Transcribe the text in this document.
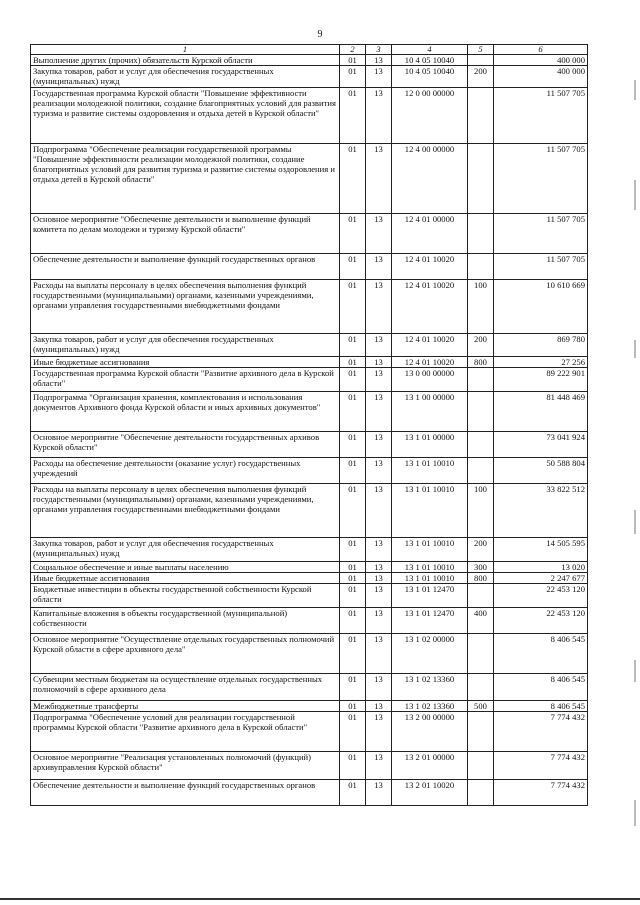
9
1	2	3	4	5	6
Выполнение других (прочих) обязательств Курской области	01	13	10 4 05 10040		400 000
Закупка товаров, работ и услуг для обеспечения государственных (муниципальных) нужд	01	13	10 4 05 10040	200	400 000
Государственная программа Курской области "Повышение эффективности реализации молодежной политики, создание благоприятных условий для развития туризма и развитие системы оздоровления и отдыха детей в Курской области"	01	13	12 0 00 00000		11 507 705
Подпрограмма "Обеспечение реализации государственной программы "Повышение эффективности реализации молодежной политики, создание благоприятных условий для развития туризма и развитие системы оздоровления и отдыха детей в Курской области"	01	13	12 4 00 00000		11 507 705
Основное мероприятие "Обеспечение деятельности и выполнение функций комитета по делам молодежи и туризму Курской области"	01	13	12 4 01 00000		11 507 705
Обеспечение деятельности и выполнение функций государственных органов	01	13	12 4 01 10020		11 507 705
Расходы на выплаты персоналу в целях обеспечения выполнения функций государственными (муниципальными) органами, казенными учреждениями, органами управления государственными внебюджетными фондами	01	13	12 4 01 10020	100	10 610 669
Закупка товаров, работ и услуг для обеспечения государственных (муниципальных) нужд	01	13	12 4 01 10020	200	869 780
Иные бюджетные ассигнования	01	13	12 4 01 10020	800	27 256
Государственная программа Курской области "Развитие архивного дела в Курской области"	01	13	13 0 00 00000		89 222 901
Подпрограмма "Организация хранения, комплектования и использования документов Архивного фонда Курской области и иных архивных документов"	01	13	13 1 00 00000		81 448 469
Основное мероприятие "Обеспечение деятельности государственных архивов Курской области"	01	13	13 1 01 00000		73 041 924
Расходы на обеспечение деятельности (оказание услуг) государственных учреждений	01	13	13 1 01 10010		50 588 804
Расходы на выплаты персоналу в целях обеспечения выполнения функций государственными (муниципальными) органами, казенными учреждениями, органами управления государственными внебюджетными фондами	01	13	13 1 01 10010	100	33 822 512
Закупка товаров, работ и услуг для обеспечения государственных (муниципальных) нужд	01	13	13 1 01 10010	200	14 505 595
Социальное обеспечение и иные выплаты населению	01	13	13 1 01 10010	300	13 020
Иные бюджетные ассигнования	01	13	13 1 01 10010	800	2 247 677
Бюджетные инвестиции в объекты государственной собственности Курской области	01	13	13 1 01 12470		22 453 120
Капитальные вложения в объекты государственной (муниципальной) собственности	01	13	13 1 01 12470	400	22 453 120
Основное мероприятие "Осуществление отдельных государственных полномочий Курской области в сфере архивного дела"	01	13	13 1 02 00000		8 406 545
Субвенции местным бюджетам на осуществление отдельных государственных полномочий в сфере архивного дела	01	13	13 1 02 13360		8 406 545
Межбюджетные трансферты	01	13	13 1 02 13360	500	8 406 545
Подпрограмма "Обеспечение условий для реализации государственной программы Курской области "Развитие архивного дела в Курской области"	01	13	13 2 00 00000		7 774 432
Основное мероприятие "Реализация установленных полномочий (функций) архивуправления Курской области"	01	13	13 2 01 00000		7 774 432
Обеспечение деятельности и выполнение функций государственных органов	01	13	13 2 01 10020		7 774 432
